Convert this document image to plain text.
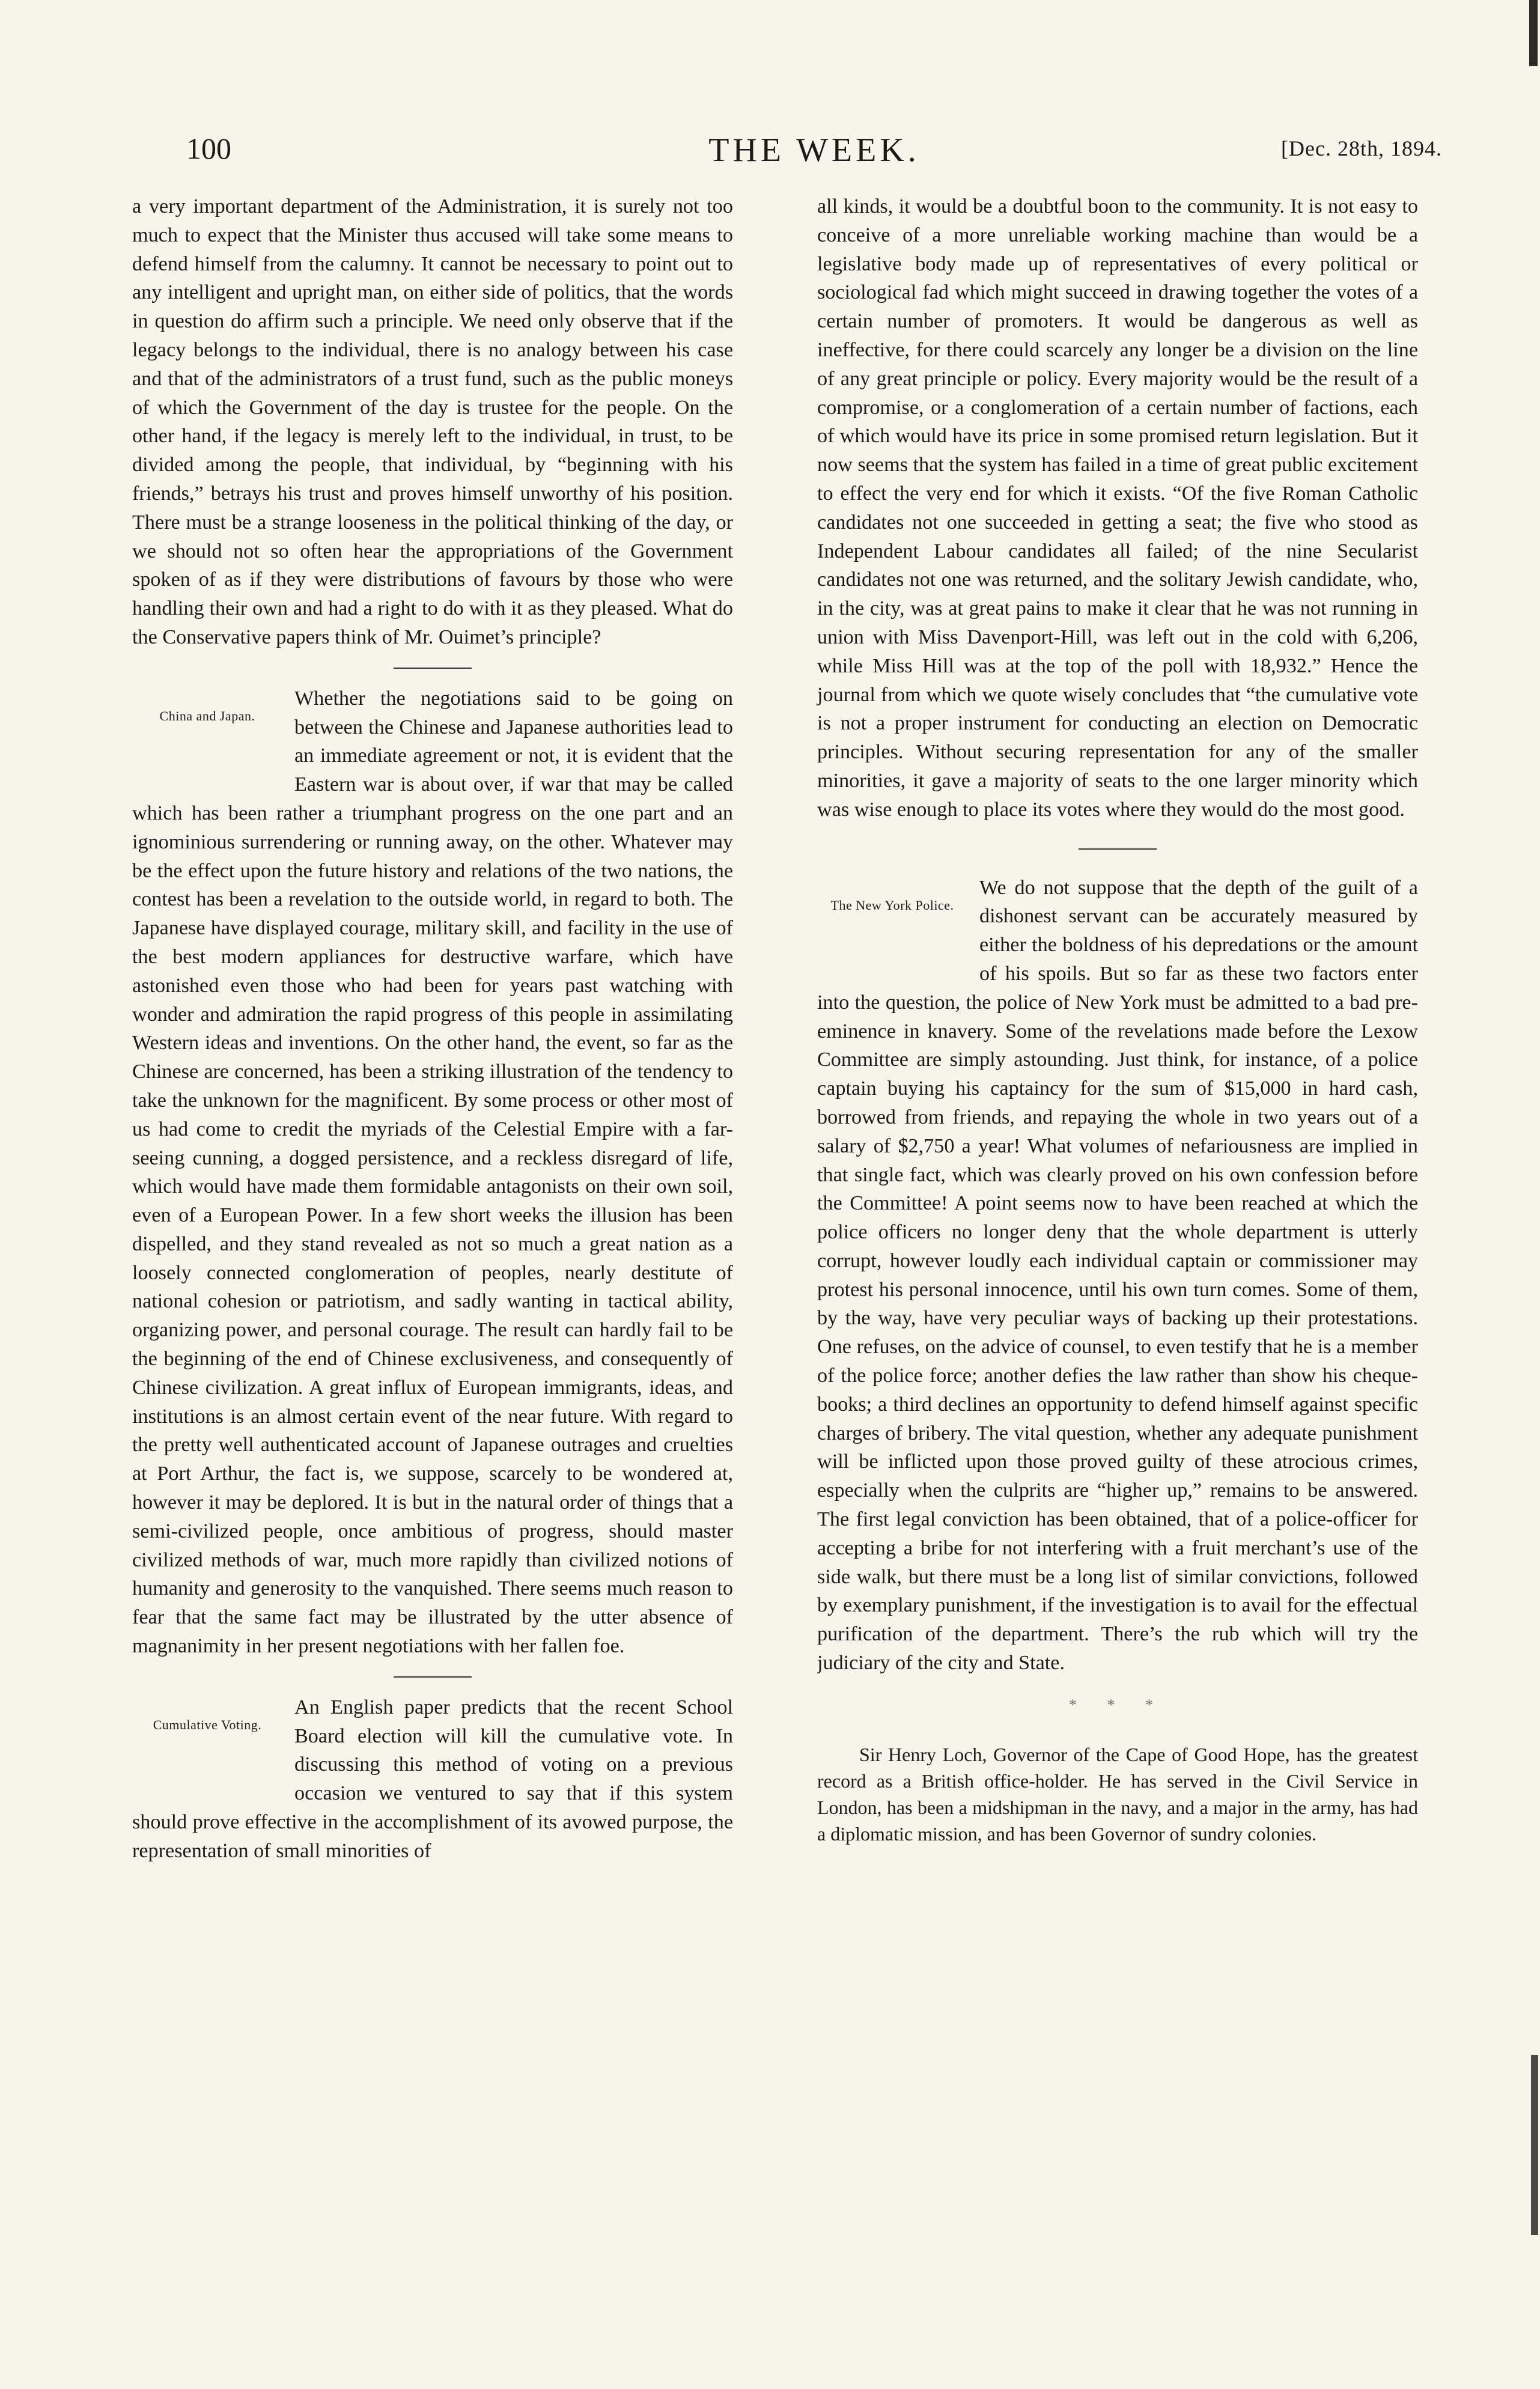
100	THE WEEK.	[Dec. 28th, 1894.

a very important department of the Administration, it is surely not too much to expect that the Minister thus accused will take some means to defend himself from the calumny. It cannot be necessary to point out to any intelligent and upright man, on either side of politics, that the words in question do affirm such a principle. We need only observe that if the legacy belongs to the individual, there is no analogy between his case and that of the administrators of a trust fund, such as the public moneys of which the Government of the day is trustee for the people. On the other hand, if the legacy is merely left to the individual, in trust, to be divided among the people, that individual, by “beginning with his friends,” betrays his trust and proves himself unworthy of his position. There must be a strange looseness in the political thinking of the day, or we should not so often hear the appropriations of the Government spoken of as if they were distributions of favours by those who were handling their own and had a right to do with it as they pleased. What do the Conservative papers think of Mr. Ouimet’s principle?

China and Japan.

Whether the negotiations said to be going on between the Chinese and Japanese authorities lead to an immediate agreement or not, it is evident that the Eastern war is about over, if war that may be called which has been rather a triumphant progress on the one part and an ignominious surrendering or running away, on the other. Whatever may be the effect upon the future history and relations of the two nations, the contest has been a revelation to the outside world, in regard to both. The Japanese have displayed courage, military skill, and facility in the use of the best modern appliances for destructive warfare, which have astonished even those who had been for years past watching with wonder and admiration the rapid progress of this people in assimilating Western ideas and inventions. On the other hand, the event, so far as the Chinese are concerned, has been a striking illustration of the tendency to take the unknown for the magnificent. By some process or other most of us had come to credit the myriads of the Celestial Empire with a far-seeing cunning, a dogged persistence, and a reckless disregard of life, which would have made them formidable antagonists on their own soil, even of a European Power. In a few short weeks the illusion has been dispelled, and they stand revealed as not so much a great nation as a loosely connected conglomeration of peoples, nearly destitute of national cohesion or patriotism, and sadly wanting in tactical ability, organizing power, and personal courage. The result can hardly fail to be the beginning of the end of Chinese exclusiveness, and consequently of Chinese civilization. A great influx of European immigrants, ideas, and institutions is an almost certain event of the near future. With regard to the pretty well authenticated account of Japanese outrages and cruelties at Port Arthur, the fact is, we suppose, scarcely to be wondered at, however it may be deplored. It is but in the natural order of things that a semi-civilized people, once ambitious of progress, should master civilized methods of war, much more rapidly than civilized notions of humanity and generosity to the vanquished. There seems much reason to fear that the same fact may be illustrated by the utter absence of magnanimity in her present negotiations with her fallen foe.

Cumulative Voting.

An English paper predicts that the recent School Board election will kill the cumulative vote. In discussing this method of voting on a previous occasion we ventured to say that if this system should prove effective in the accomplishment of its avowed purpose, the representation of small minorities of

all kinds, it would be a doubtful boon to the community. It is not easy to conceive of a more unreliable working machine than would be a legislative body made up of representatives of every political or sociological fad which might succeed in drawing together the votes of a certain number of promoters. It would be dangerous as well as ineffective, for there could scarcely any longer be a division on the line of any great principle or policy. Every majority would be the result of a compromise, or a conglomeration of a certain number of factions, each of which would have its price in some promised return legislation. But it now seems that the system has failed in a time of great public excitement to effect the very end for which it exists. “Of the five Roman Catholic candidates not one succeeded in getting a seat; the five who stood as Independent Labour candidates all failed; of the nine Secularist candidates not one was returned, and the solitary Jewish candidate, who, in the city, was at great pains to make it clear that he was not running in union with Miss Davenport-Hill, was left out in the cold with 6,206, while Miss Hill was at the top of the poll with 18,932.” Hence the journal from which we quote wisely concludes that “the cumulative vote is not a proper instrument for conducting an election on Democratic principles. Without securing representation for any of the smaller minorities, it gave a majority of seats to the one larger minority which was wise enough to place its votes where they would do the most good.

The New York Police.

We do not suppose that the depth of the guilt of a dishonest servant can be accurately measured by either the boldness of his depredations or the amount of his spoils. But so far as these two factors enter into the question, the police of New York must be admitted to a bad pre-eminence in knavery. Some of the revelations made before the Lexow Committee are simply astounding. Just think, for instance, of a police captain buying his captaincy for the sum of $15,000 in hard cash, borrowed from friends, and repaying the whole in two years out of a salary of $2,750 a year! What volumes of nefariousness are implied in that single fact, which was clearly proved on his own confession before the Committee! A point seems now to have been reached at which the police officers no longer deny that the whole department is utterly corrupt, however loudly each individual captain or commissioner may protest his personal innocence, until his own turn comes. Some of them, by the way, have very peculiar ways of backing up their protestations. One refuses, on the advice of counsel, to even testify that he is a member of the police force; another defies the law rather than show his cheque-books; a third declines an opportunity to defend himself against specific charges of bribery. The vital question, whether any adequate punishment will be inflicted upon those proved guilty of these atrocious crimes, especially when the culprits are “higher up,” remains to be answered. The first legal conviction has been obtained, that of a police-officer for accepting a bribe for not interfering with a fruit merchant’s use of the side walk, but there must be a long list of similar convictions, followed by exemplary punishment, if the investigation is to avail for the effectual purification of the department. There’s the rub which will try the judiciary of the city and State.

* * *

Sir Henry Loch, Governor of the Cape of Good Hope, has the greatest record as a British office-holder. He has served in the Civil Service in London, has been a midshipman in the navy, and a major in the army, has had a diplomatic mission, and has been Governor of sundry colonies.
